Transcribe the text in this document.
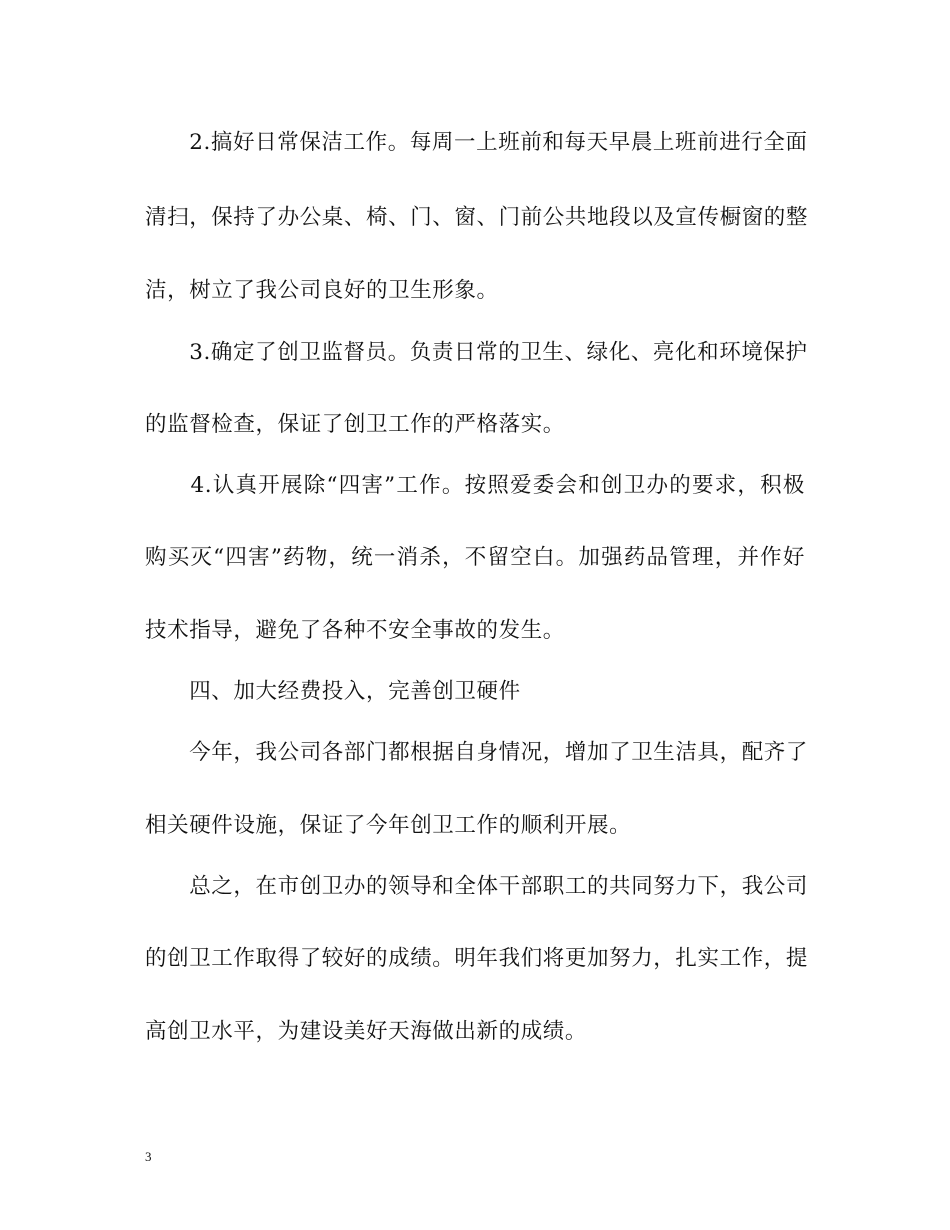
　　2.搞好日常保洁工作。每周一上班前和每天早晨上班前进行全面
清扫，保持了办公桌、椅、门、窗、门前公共地段以及宣传橱窗的整
洁，树立了我公司良好的卫生形象。
　　3.确定了创卫监督员。负责日常的卫生、绿化、亮化和环境保护
的监督检查，保证了创卫工作的严格落实。
　　4.认真开展除“四害”工作。按照爱委会和创卫办的要求，积极
购买灭“四害”药物，统一消杀，不留空白。加强药品管理，并作好
技术指导，避免了各种不安全事故的发生。
　　四、加大经费投入，完善创卫硬件
　　今年，我公司各部门都根据自身情况，增加了卫生洁具，配齐了
相关硬件设施，保证了今年创卫工作的顺利开展。
　　总之，在市创卫办的领导和全体干部职工的共同努力下，我公司
的创卫工作取得了较好的成绩。明年我们将更加努力，扎实工作，提
高创卫水平，为建设美好天海做出新的成绩。
3
